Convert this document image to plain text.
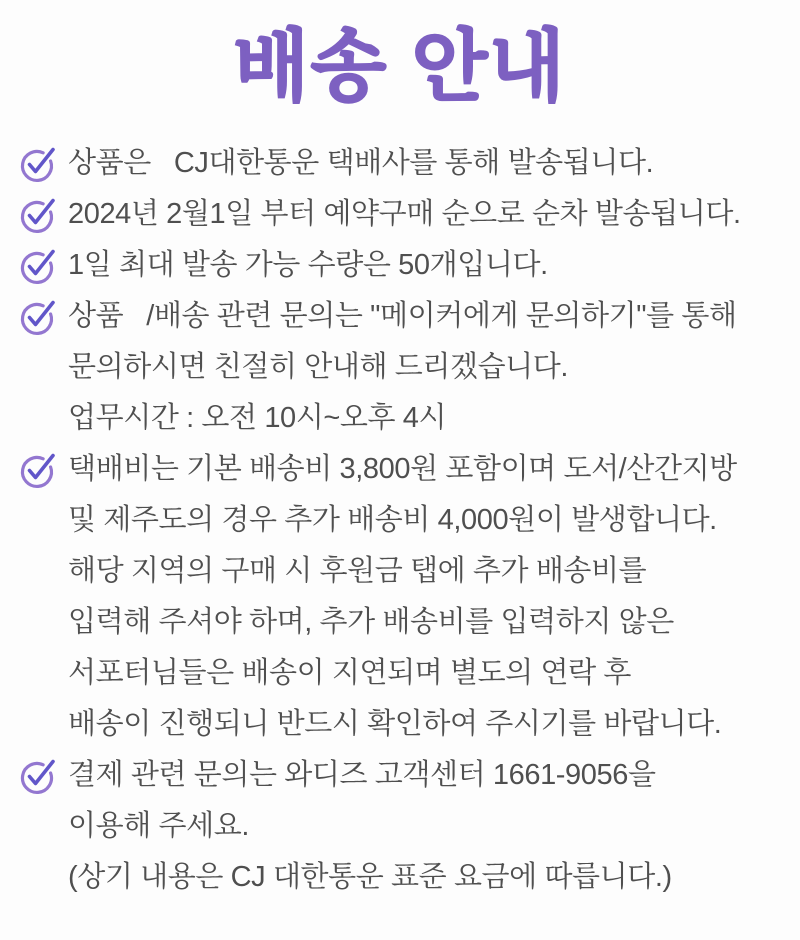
배송 안내
상품은   CJ대한통운 택배사를 통해 발송됩니다.
2024년 2월1일 부터 예약구매 순으로 순차 발송됩니다.
1일 최대 발송 가능 수량은 50개입니다.
상품   /배송 관련 문의는 "메이커에게 문의하기"를 통해
문의하시면 친절히 안내해 드리겠습니다.
업무시간 : 오전 10시~오후 4시
택배비는 기본 배송비 3,800원 포함이며 도서/산간지방
및 제주도의 경우 추가 배송비 4,000원이 발생합니다.
해당 지역의 구매 시 후원금 탭에 추가 배송비를
입력해 주셔야 하며, 추가 배송비를 입력하지 않은
서포터님들은 배송이 지연되며 별도의 연락 후
배송이 진행되니 반드시 확인하여 주시기를 바랍니다.
결제 관련 문의는 와디즈 고객센터 1661-9056을
이용해 주세요.
(상기 내용은 CJ 대한통운 표준 요금에 따릅니다.)
